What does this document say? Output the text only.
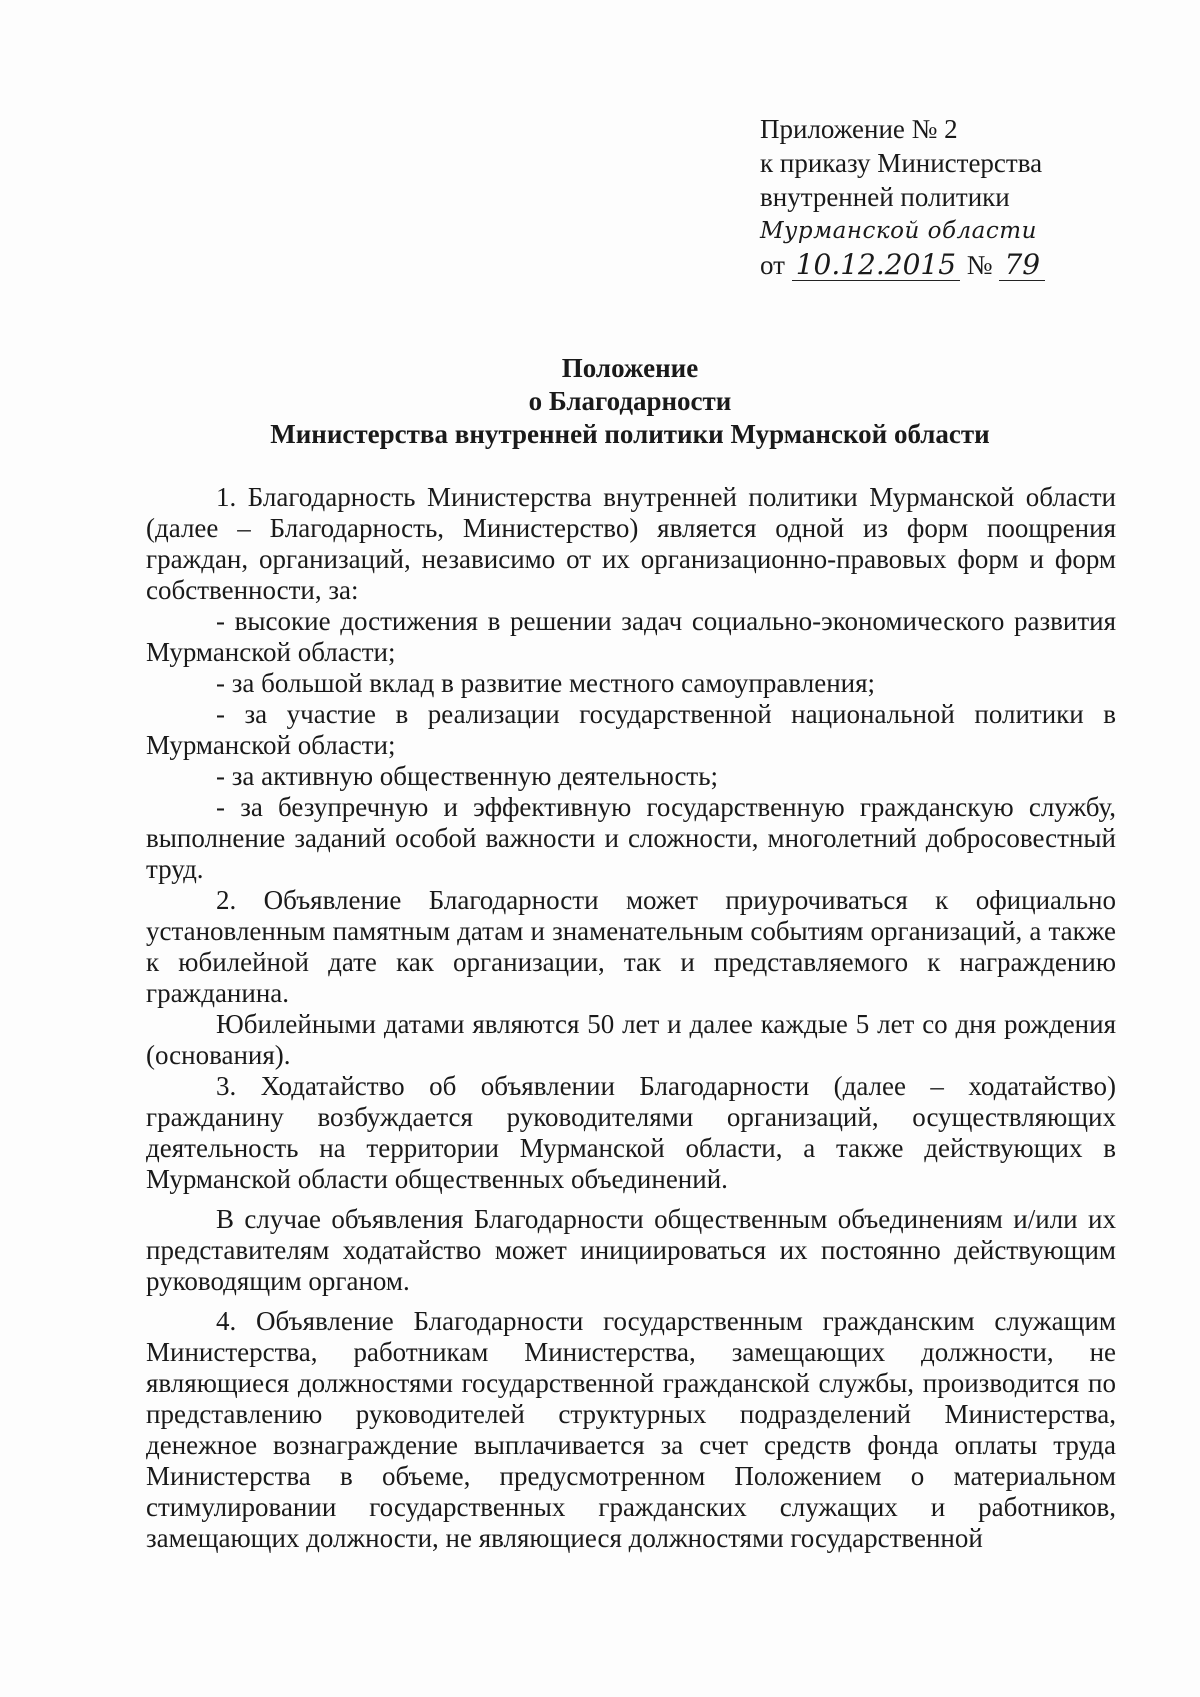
Приложение № 2
к приказу Министерства
внутренней политики
Мурманской области
от 10.12.2015 № 79
Положение
о Благодарности
Министерства внутренней политики Мурманской области

1. Благодарность Министерства внутренней политики Мурманской области (далее – Благодарность, Министерство) является одной из форм поощрения граждан, организаций, независимо от их организационно-правовых форм и форм собственности, за:

- высокие достижения в решении задач социально-экономического развития Мурманской области;

- за большой вклад в развитие местного самоуправления;

- за участие в реализации государственной национальной политики в Мурманской области;

- за активную общественную деятельность;

- за безупречную и эффективную государственную гражданскую службу, выполнение заданий особой важности и сложности, многолетний добросовестный труд.

2. Объявление Благодарности может приурочиваться к официально установленным памятным датам и знаменательным событиям организаций, а также к юбилейной дате как организации, так и представляемого к награждению гражданина.

Юбилейными датами являются 50 лет и далее каждые 5 лет со дня рождения (основания).

3. Ходатайство об объявлении Благодарности (далее – ходатайство) гражданину возбуждается руководителями организаций, осуществляющих деятельность на территории Мурманской области, а также действующих в Мурманской области общественных объединений.

В случае объявления Благодарности общественным объединениям и/или их представителям ходатайство может инициироваться их постоянно действующим руководящим органом.

4. Объявление Благодарности государственным гражданским служащим Министерства, работникам Министерства, замещающих должности, не являющиеся должностями государственной гражданской службы, производится по представлению руководителей структурных подразделений Министерства, денежное вознаграждение выплачивается за счет средств фонда оплаты труда Министерства в объеме, предусмотренном Положением о материальном стимулировании государственных гражданских служащих и работников, замещающих должности, не являющиеся должностями государственной
